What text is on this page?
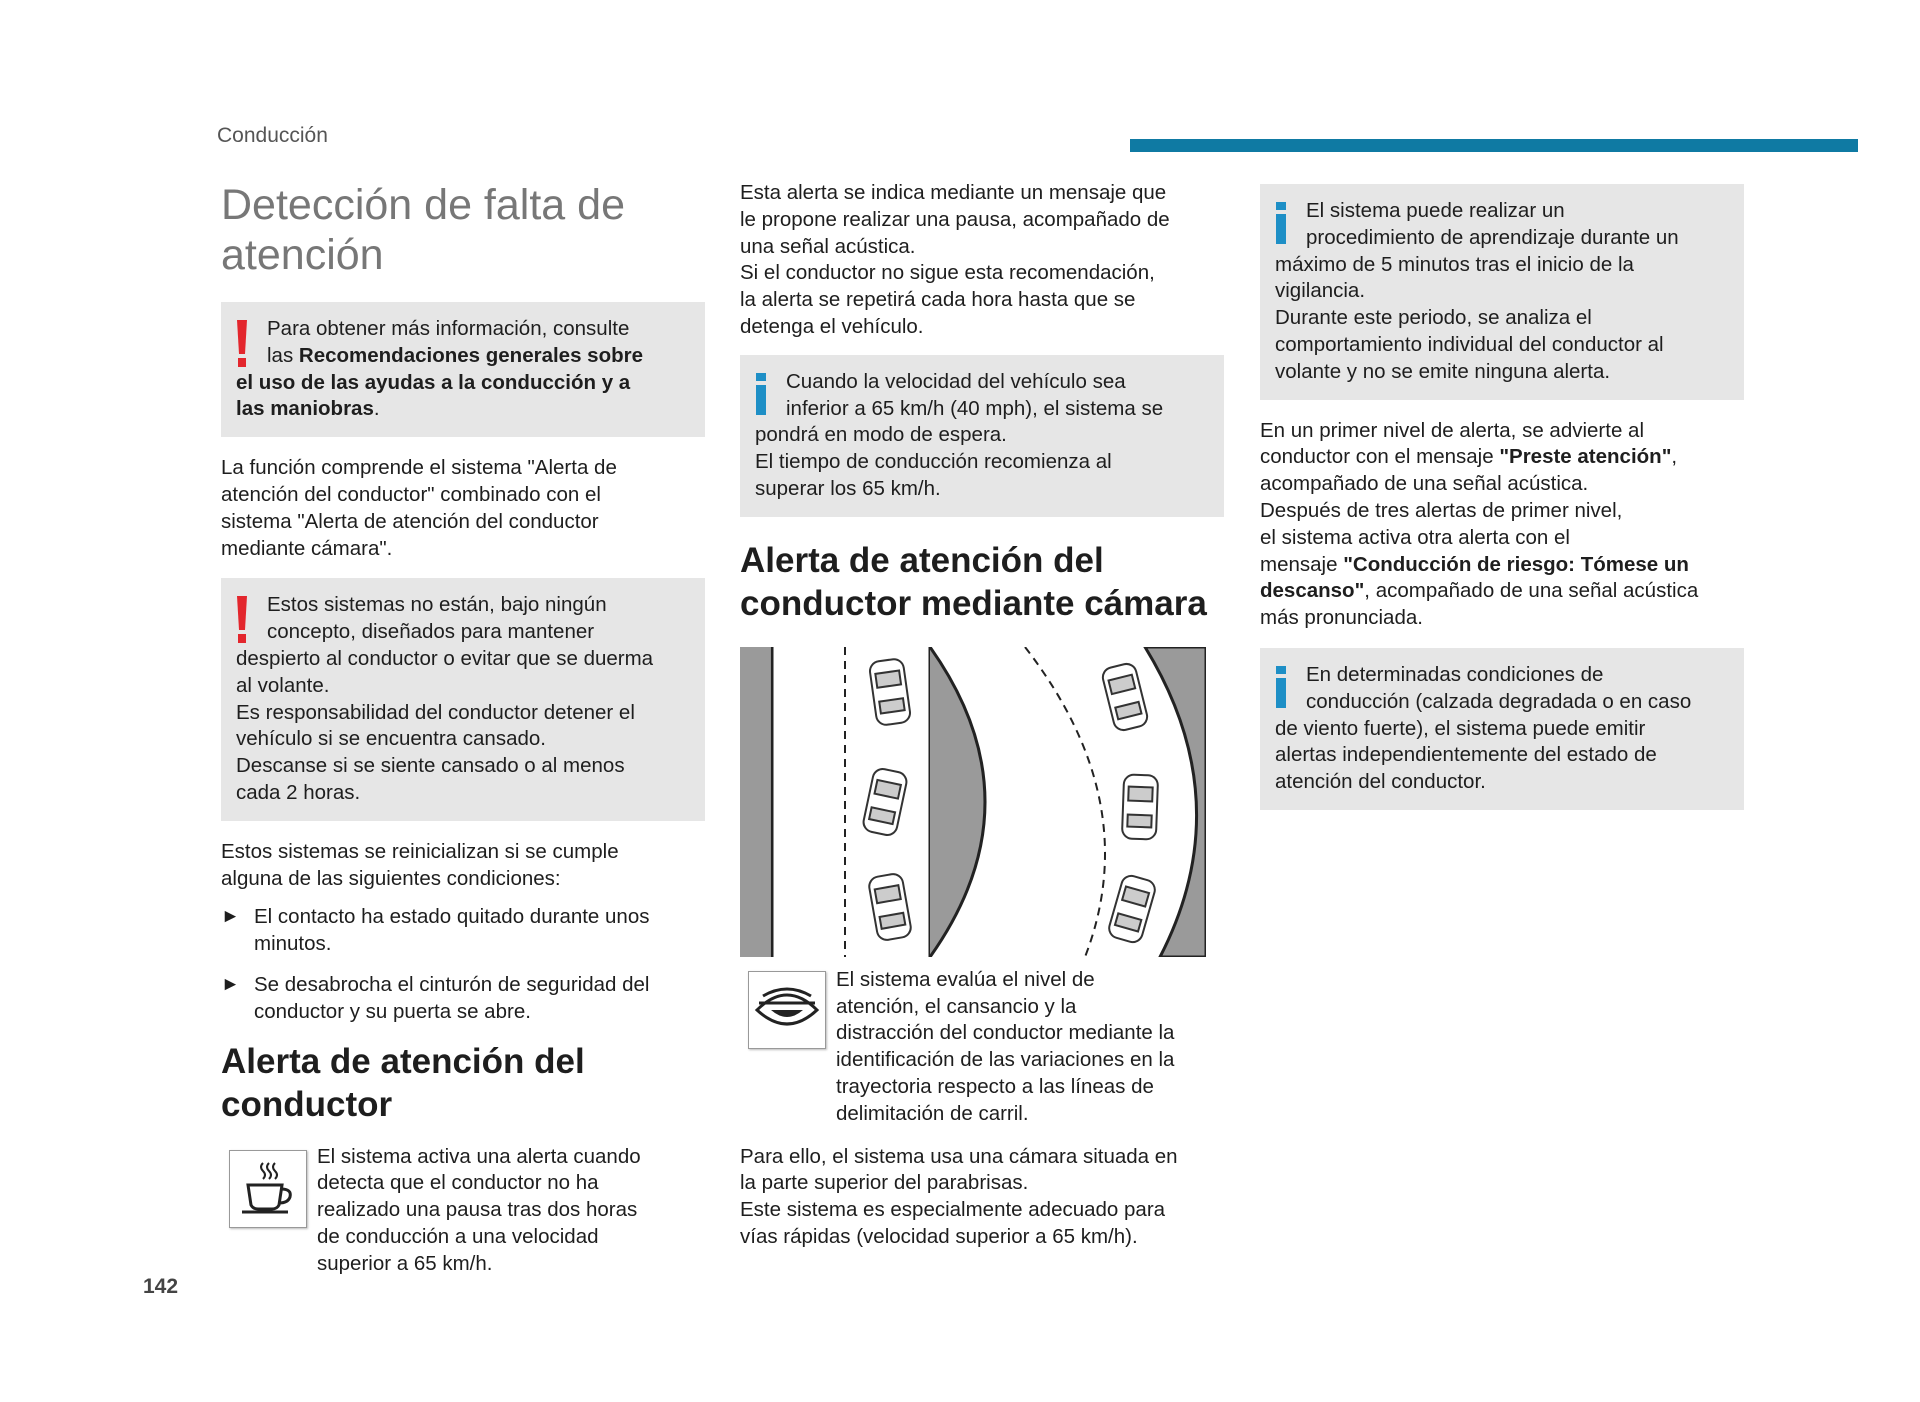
Conducción
142
Detección de falta de atención
Para obtener más información, consulte
las Recomendaciones generales sobre
el uso de las ayudas a la conducción y a
las maniobras.

La función comprende el sistema "Alerta de
atención del conductor" combinado con el
sistema "Alerta de atención del conductor
mediante cámara".

Estos sistemas no están, bajo ningún
concepto, diseñados para mantener
despierto al conductor o evitar que se duerma
al volante.
Es responsabilidad del conductor detener el
vehículo si se encuentra cansado.
Descanse si se siente cansado o al menos
cada 2 horas.

Estos sistemas se reinicializan si se cumple
alguna de las siguientes condiciones:

► El contacto ha estado quitado durante unos
minutos.
► Se desabrocha el cinturón de seguridad del
conductor y su puerta se abre.
Alerta de atención del
conductor
El sistema activa una alerta cuando
detecta que el conductor no ha
realizado una pausa tras dos horas
de conducción a una velocidad
superior a 65 km/h.

Esta alerta se indica mediante un mensaje que
le propone realizar una pausa, acompañado de
una señal acústica.
Si el conductor no sigue esta recomendación,
la alerta se repetirá cada hora hasta que se
detenga el vehículo.

Cuando la velocidad del vehículo sea
inferior a 65 km/h (40 mph), el sistema se
pondrá en modo de espera.
El tiempo de conducción recomienza al
superar los 65 km/h.
Alerta de atención del
conductor mediante cámara
El sistema evalúa el nivel de
atención, el cansancio y la
distracción del conductor mediante la
identificación de las variaciones en la
trayectoria respecto a las líneas de
delimitación de carril.

Para ello, el sistema usa una cámara situada en
la parte superior del parabrisas.
Este sistema es especialmente adecuado para
vías rápidas (velocidad superior a 65 km/h).

El sistema puede realizar un
procedimiento de aprendizaje durante un
máximo de 5 minutos tras el inicio de la
vigilancia.
Durante este periodo, se analiza el
comportamiento individual del conductor al
volante y no se emite ninguna alerta.

En un primer nivel de alerta, se advierte al
conductor con el mensaje "Preste atención",
acompañado de una señal acústica.
Después de tres alertas de primer nivel,
el sistema activa otra alerta con el
mensaje "Conducción de riesgo: Tómese un
descanso", acompañado de una señal acústica
más pronunciada.

En determinadas condiciones de
conducción (calzada degradada o en caso
de viento fuerte), el sistema puede emitir
alertas independientemente del estado de
atención del conductor.
